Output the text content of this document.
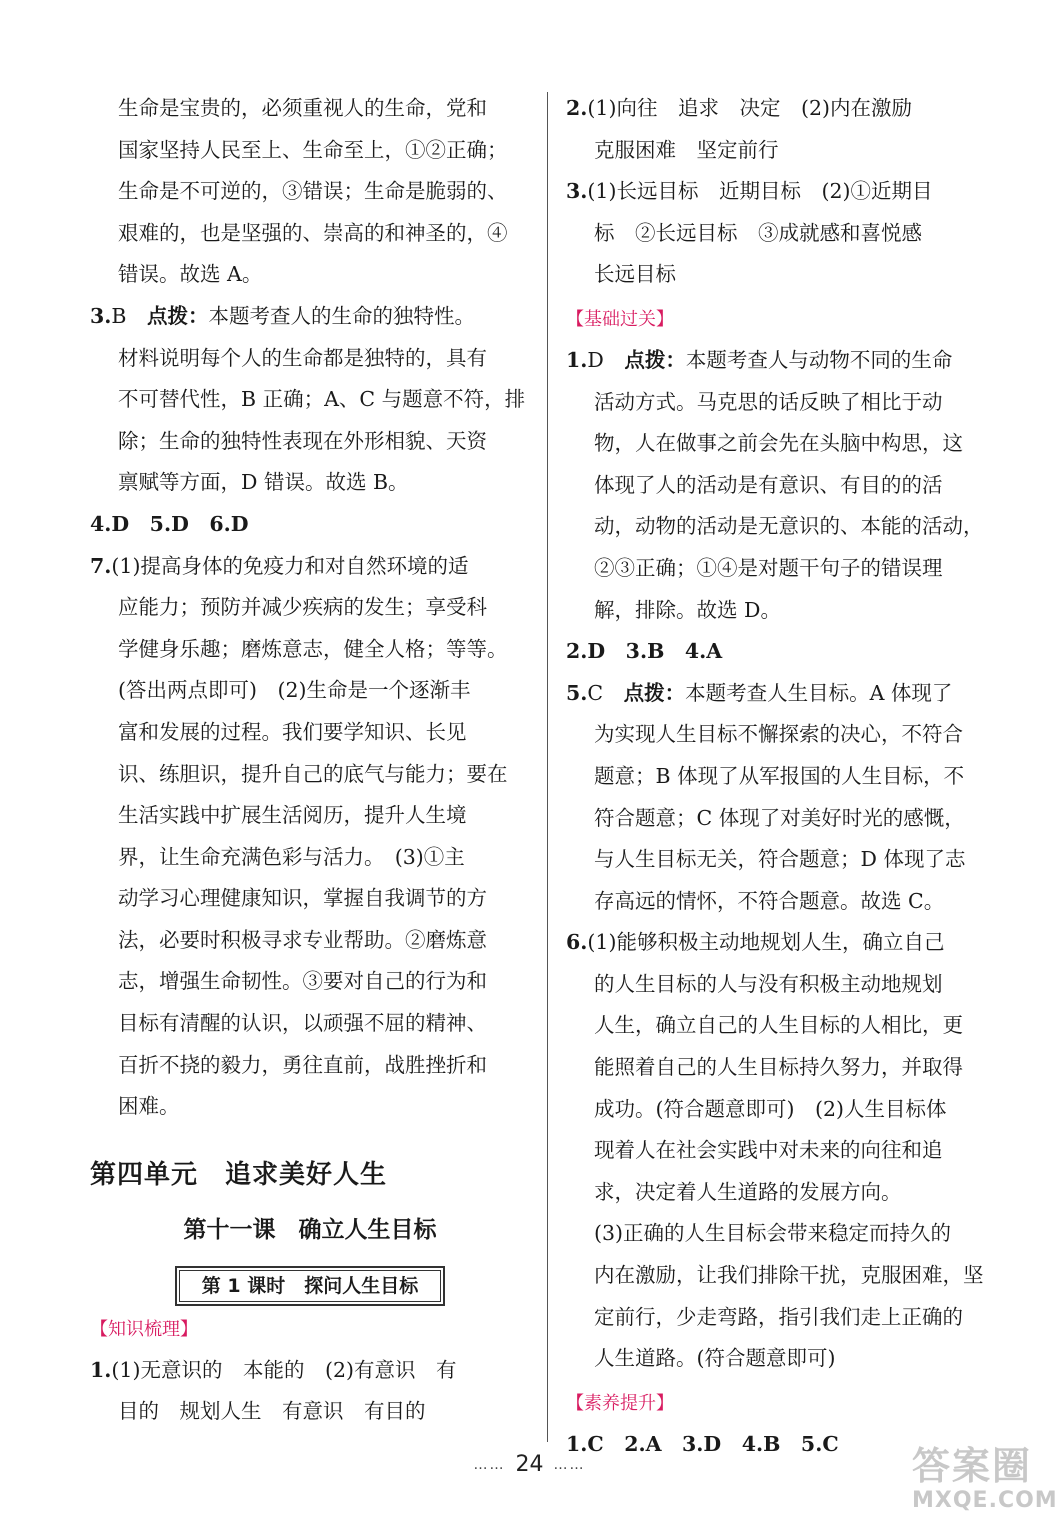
生命是宝贵的，必须重视人的生命，党和

国家坚持人民至上、生命至上，①②正确；

生命是不可逆的，③错误；生命是脆弱的、

艰难的，也是坚强的、崇高的和神圣的，④

错误。故选 A。

3.B　 点拨：本题考查人的生命的独特性。

材料说明每个人的生命都是独特的，具有

不可替代性，B 正确；A、C 与题意不符，排

除；生命的独特性表现在外形相貌、天资

禀赋等方面，D 错误。故选 B。

4.D　5.D　6.D

7.(1)提高身体的免疫力和对自然环境的适

应能力；预防并减少疾病的发生；享受科

学健身乐趣；磨炼意志，健全人格；等等。

(答出两点即可)　(2)生命是一个逐渐丰

富和发展的过程。我们要学知识、长见

识、练胆识，提升自己的底气与能力；要在

生活实践中扩展生活阅历，提升人生境

界，让生命充满色彩与活力。　(3)①主

动学习心理健康知识，掌握自我调节的方

法，必要时积极寻求专业帮助。②磨炼意

志，增强生命韧性。③要对自己的行为和

目标有清醒的认识，以顽强不屈的精神、

百折不挠的毅力，勇往直前，战胜挫折和

困难。

第四单元　追求美好人生
第十一课　确立人生目标
第 1 课时　探问人生目标
【知识梳理】

1.(1)无意识的　本能的　(2)有意识　有

目的　规划人生　有意识　有目的

2.(1)向往　追求　决定　(2)内在激励

克服困难　坚定前行

3.(1)长远目标　近期目标　(2)①近期目

标　②长远目标　③成就感和喜悦感

长远目标

【基础过关】

1.D　 点拨：本题考查人与动物不同的生命

活动方式。马克思的话反映了相比于动

物，人在做事之前会先在头脑中构思，这

体现了人的活动是有意识、有目的的活

动，动物的活动是无意识的、本能的活动，

②③正确；①④是对题干句子的错误理

解，排除。故选 D。

2.D　3.B　4.A

5.C　 点拨：本题考查人生目标。A 体现了

为实现人生目标不懈探索的决心，不符合

题意；B 体现了从军报国的人生目标，不

符合题意；C 体现了对美好时光的感慨，

与人生目标无关，符合题意；D 体现了志

存高远的情怀，不符合题意。故选 C。

6.(1)能够积极主动地规划人生，确立自己

的人生目标的人与没有积极主动地规划

人生，确立自己的人生目标的人相比，更

能照着自己的人生目标持久努力，并取得

成功。(符合题意即可)　(2)人生目标体

现着人在社会实践中对未来的向往和追

求，决定着人生道路的发展方向。

(3)正确的人生目标会带来稳定而持久的

内在激励，让我们排除干扰，克服困难，坚

定前行，少走弯路，指引我们走上正确的

人生道路。(符合题意即可)

【素养提升】

1.C　2.A　3.D　4.B　5.C

…… 24 ……	答案圈
MXQE.COM
